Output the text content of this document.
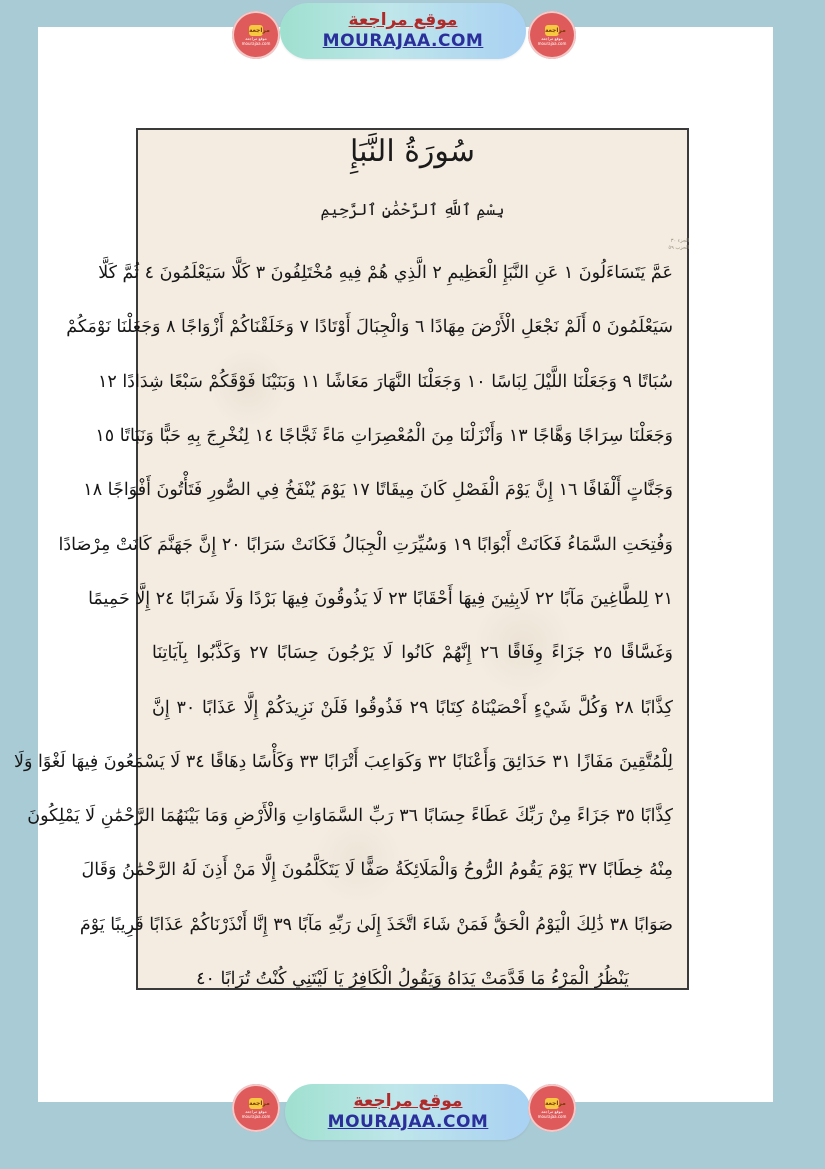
مراجعة
موقع مراجعة
mourajaa.com
موقع مراجعة
MOURAJAA.COM
مراجعة
موقع مراجعة
mourajaa.com
سُورَةُ النَّبَإِ
بِسْمِ ٱللَّهِ ٱلرَّحْمَٰنِ ٱلرَّحِيمِ
الجزء ٣٠ الحزب ٥٩
عَمَّ يَتَسَاءَلُونَ ١ عَنِ النَّبَإِ الْعَظِيمِ ٢ الَّذِي هُمْ فِيهِ مُخْتَلِفُونَ ٣ كَلَّا سَيَعْلَمُونَ ٤ ثُمَّ كَلَّا
سَيَعْلَمُونَ ٥ أَلَمْ نَجْعَلِ الْأَرْضَ مِهَادًا ٦ وَالْجِبَالَ أَوْتَادًا ٧ وَخَلَقْنَاكُمْ أَزْوَاجًا ٨ وَجَعَلْنَا نَوْمَكُمْ
سُبَاتًا ٩ وَجَعَلْنَا اللَّيْلَ لِبَاسًا ١٠ وَجَعَلْنَا النَّهَارَ مَعَاشًا ١١ وَبَنَيْنَا فَوْقَكُمْ سَبْعًا شِدَادًا ١٢
وَجَعَلْنَا سِرَاجًا وَهَّاجًا ١٣ وَأَنْزَلْنَا مِنَ الْمُعْصِرَاتِ مَاءً ثَجَّاجًا ١٤ لِنُخْرِجَ بِهِ حَبًّا وَنَبَاتًا ١٥
وَجَنَّاتٍ أَلْفَافًا ١٦ إِنَّ يَوْمَ الْفَصْلِ كَانَ مِيقَاتًا ١٧ يَوْمَ يُنْفَخُ فِي الصُّورِ فَتَأْتُونَ أَفْوَاجًا ١٨
وَفُتِحَتِ السَّمَاءُ فَكَانَتْ أَبْوَابًا ١٩ وَسُيِّرَتِ الْجِبَالُ فَكَانَتْ سَرَابًا ٢٠ إِنَّ جَهَنَّمَ كَانَتْ مِرْصَادًا
٢١ لِلطَّاغِينَ مَآبًا ٢٢ لَابِثِينَ فِيهَا أَحْقَابًا ٢٣ لَا يَذُوقُونَ فِيهَا بَرْدًا وَلَا شَرَابًا ٢٤ إِلَّا حَمِيمًا
وَغَسَّاقًا ٢٥ جَزَاءً وِفَاقًا ٢٦ إِنَّهُمْ كَانُوا لَا يَرْجُونَ حِسَابًا ٢٧ وَكَذَّبُوا بِآيَاتِنَا
كِذَّابًا ٢٨ وَكُلَّ شَيْءٍ أَحْصَيْنَاهُ كِتَابًا ٢٩ فَذُوقُوا فَلَنْ نَزِيدَكُمْ إِلَّا عَذَابًا ٣٠ إِنَّ
لِلْمُتَّقِينَ مَفَازًا ٣١ حَدَائِقَ وَأَعْنَابًا ٣٢ وَكَوَاعِبَ أَتْرَابًا ٣٣ وَكَأْسًا دِهَاقًا ٣٤ لَا يَسْمَعُونَ فِيهَا لَغْوًا وَلَا
كِذَّابًا ٣٥ جَزَاءً مِنْ رَبِّكَ عَطَاءً حِسَابًا ٣٦ رَبِّ السَّمَاوَاتِ وَالْأَرْضِ وَمَا بَيْنَهُمَا الرَّحْمَٰنِ لَا يَمْلِكُونَ
مِنْهُ خِطَابًا ٣٧ يَوْمَ يَقُومُ الرُّوحُ وَالْمَلَائِكَةُ صَفًّا لَا يَتَكَلَّمُونَ إِلَّا مَنْ أَذِنَ لَهُ الرَّحْمَٰنُ وَقَالَ
صَوَابًا ٣٨ ذَٰلِكَ الْيَوْمُ الْحَقُّ فَمَنْ شَاءَ اتَّخَذَ إِلَىٰ رَبِّهِ مَآبًا ٣٩ إِنَّا أَنْذَرْنَاكُمْ عَذَابًا قَرِيبًا يَوْمَ
يَنْظُرُ الْمَرْءُ مَا قَدَّمَتْ يَدَاهُ وَيَقُولُ الْكَافِرُ يَا لَيْتَنِي كُنْتُ تُرَابًا ٤٠
مراجعة
موقع مراجعة
mourajaa.com
موقع مراجعة
MOURAJAA.COM
مراجعة
موقع مراجعة
mourajaa.com
